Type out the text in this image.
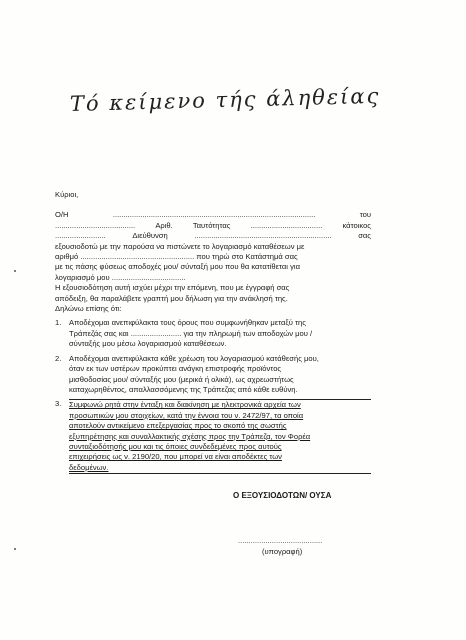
Τό κείμενο τής άληθείας
Κύριοι,
Ο/Η	................................................................................................	του
......................................	Αριθ.	Ταυτότητας	..................................	κάτοικος
........................	Διεύθυνση	.................................................................	σας
εξουσιοδοτώ με την παρούσα να πιστώνετε το λογαριασμό καταθέσεων με
αριθμό ...................................................... που τηρώ στο Κατάστημά σας
με τις πάσης φύσεως αποδοχές μου/ σύνταξή μου που θα κατατίθεται για
λογαριασμό μου ...................................
Η εξουσιοδότηση αυτή ισχύει μέχρι την επόμενη, που με έγγραφή σας
απόδειξη, θα παραλάβετε γραπτή μου δήλωση για την ανάκλησή της.
Δηλώνω επίσης ότι:
1.	Αποδέχομαι ανεπιφύλακτα τους όρους που συμφωνήθηκαν μεταξύ της
Τράπεζάς σας και ........................ για την πληρωμή των αποδοχών μου /
σύνταξής μου μέσω λογαριασμού καταθέσεων.
2.	Αποδέχομαι ανεπιφύλακτα κάθε χρέωση του λογαριασμού κατάθεσής μου,
όταν εκ των υστέρων προκύπτει ανάγκη επιστροφής προϊόντος
μισθοδοσίας μου/ σύνταξής μου (μερικά ή ολικά), ως αχρεωστήτως
καταχωρηθέντος, απαλλασσόμενης της Τράπεζας από κάθε ευθύνη.
3.	Συμφωνώ ρητά στην ένταξη και διακίνηση με ηλεκτρονικά αρχεία των
προσωπικών μου στοιχείων, κατά την έννοια του ν. 2472/97, τα οποία
αποτελούν αντικείμενο επεξεργασίας προς το σκοπό της σωστής
εξυπηρέτησης και συναλλακτικής σχέσης προς την Τράπεζα, τον Φορέα
συνταξιοδότησής μου και τις όποιες συνδεδεμένες προς αυτούς
επιχειρήσεις ως ν. 2190/20, που μπορεί να είναι αποδέκτες των
δεδομένων.
Ο ΕΞΟΥΣΙΟΔΟΤΩΝ/ ΟΥΣΑ
........................................
(υπογραφή)
